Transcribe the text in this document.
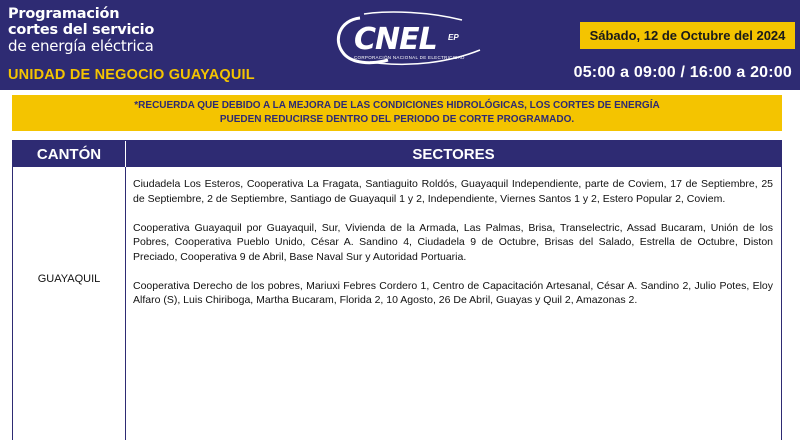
Programación
cortes del servicio
de energía eléctrica
UNIDAD DE NEGOCIO GUAYAQUIL
CNEL EP
CORPORACIÓN NACIONAL DE ELECTRICIDAD
Sábado, 12 de Octubre del 2024
05:00 a 09:00 / 16:00 a 20:00
*RECUERDA QUE DEBIDO A LA MEJORA DE LAS CONDICIONES HIDROLÓGICAS, LOS CORTES DE ENERGÍA
PUEDEN REDUCIRSE DENTRO DEL PERIODO DE CORTE PROGRAMADO.
CANTÓN	SECTORES
GUAYAQUIL

Ciudadela Los Esteros, Cooperativa La Fragata, Santiaguito Roldós, Guayaquil Independiente, parte de Coviem, 17 de Septiembre, 25 de Septiembre, 2 de Septiembre, Santiago de Guayaquil 1 y 2, Independiente, Viernes Santos 1 y 2, Estero Popular 2, Coviem.

Cooperativa Guayaquil por Guayaquil, Sur, Vivienda de la Armada, Las Palmas, Brisa, Transelectric, Assad Bucaram, Unión de los Pobres, Cooperativa Pueblo Unido, César A. Sandino 4, Ciudadela 9 de Octubre, Brisas del Salado, Estrella de Octubre, Diston Preciado, Cooperativa 9 de Abril, Base Naval Sur y Autoridad Portuaria.

Cooperativa Derecho de los pobres, Mariuxi Febres Cordero 1, Centro de Capacitación Artesanal, César A. Sandino 2, Julio Potes, Eloy Alfaro (S), Luis Chiriboga, Martha Bucaram, Florida 2, 10 Agosto, 26 De Abril, Guayas y Quil 2, Amazonas 2.
